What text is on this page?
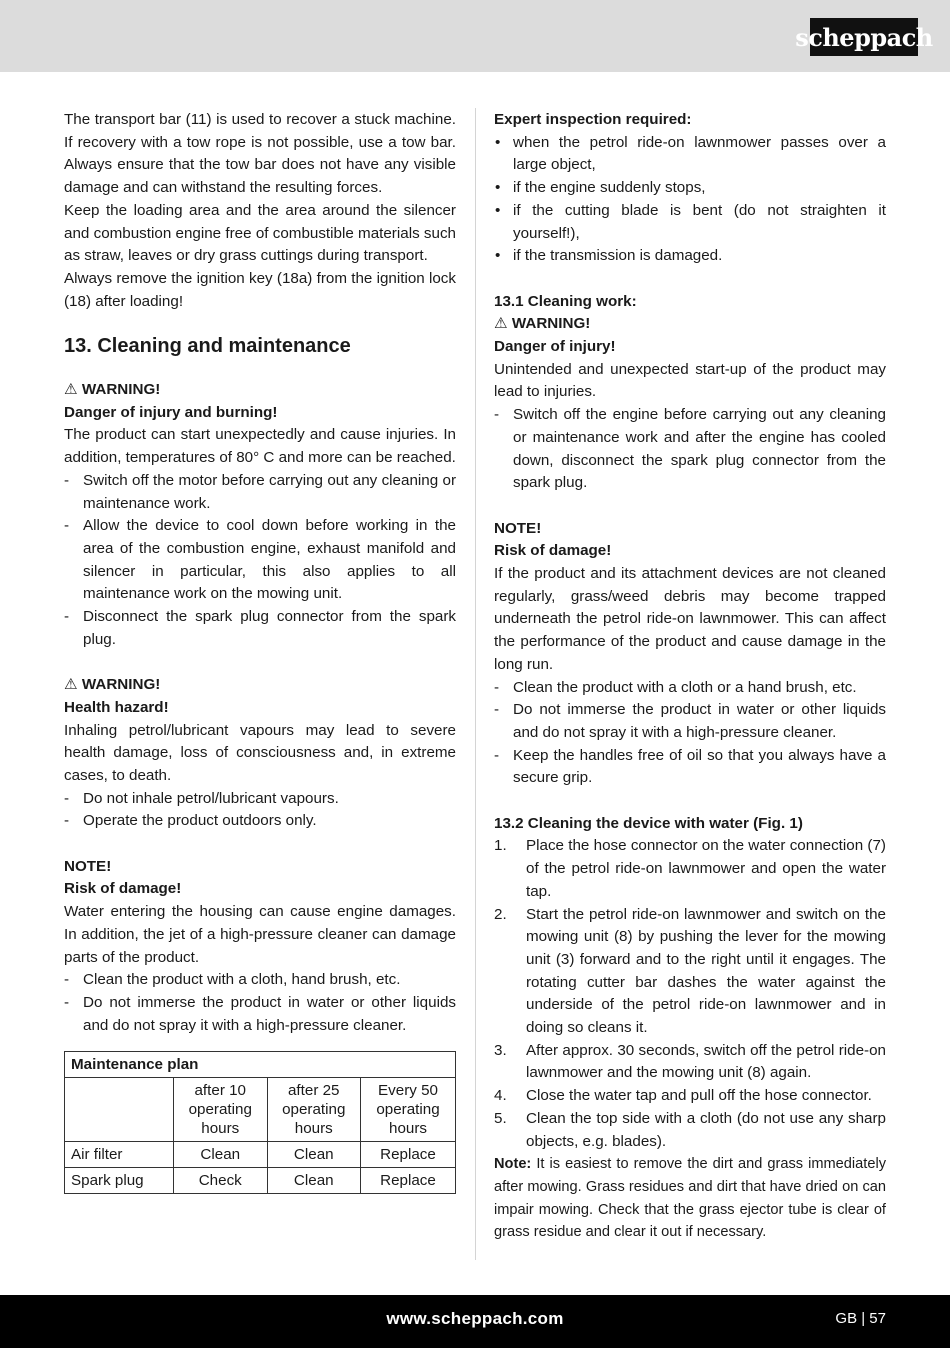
scheppach

The transport bar (11) is used to recover a stuck machine. If recovery with a tow rope is not possible, use a tow bar. Always ensure that the tow bar does not have any visible damage and can withstand the resulting forces.

Keep the loading area and the area around the silencer and combustion engine free of combustible materials such as straw, leaves or dry grass cuttings during transport.

Always remove the ignition key (18a) from the ignition lock (18) after loading!

13. Cleaning and maintenance

⚠ WARNING!

Danger of injury and burning!

The product can start unexpectedly and cause injuries. In addition, temperatures of 80° C and more can be reached.

- Switch off the motor before carrying out any cleaning or maintenance work.
- Allow the device to cool down before working in the area of the combustion engine, exhaust manifold and silencer in particular, this also applies to all maintenance work on the mowing unit.
- Disconnect the spark plug connector from the spark plug.

⚠ WARNING!

Health hazard!

Inhaling petrol/lubricant vapours may lead to severe health damage, loss of consciousness and, in extreme cases, to death.

- Do not inhale petrol/lubricant vapours.
- Operate the product outdoors only.

NOTE!

Risk of damage!

Water entering the housing can cause engine damages. In addition, the jet of a high-pressure cleaner can damage parts of the product.

- Clean the product with a cloth, hand brush, etc.
- Do not immerse the product in water or other liquids and do not spray it with a high-pressure cleaner.
Maintenance plan			
	after 10 operating hours	after 25 operating hours	Every 50 operating hours
Air filter	Clean	Clean	Replace
Spark plug	Check	Clean	Replace

Expert inspection required:

• when the petrol ride-on lawnmower passes over a large object,
• if the engine suddenly stops,
• if the cutting blade is bent (do not straighten it yourself!),
• if the transmission is damaged.

13.1 Cleaning work:

⚠ WARNING!

Danger of injury!

Unintended and unexpected start-up of the product may lead to injuries.

- Switch off the engine before carrying out any cleaning or maintenance work and after the engine has cooled down, disconnect the spark plug connector from the spark plug.

NOTE!

Risk of damage!

If the product and its attachment devices are not cleaned regularly, grass/weed debris may become trapped underneath the petrol ride-on lawnmower. This can affect the performance of the product and cause damage in the long run.

- Clean the product with a cloth or a hand brush, etc.
- Do not immerse the product in water or other liquids and do not spray it with a high-pressure cleaner.
- Keep the handles free of oil so that you always have a secure grip.

13.2 Cleaning the device with water (Fig. 1)

1. Place the hose connector on the water connection (7) of the petrol ride-on lawnmower and open the water tap.
2. Start the petrol ride-on lawnmower and switch on the mowing unit (8) by pushing the lever for the mowing unit (3) forward and to the right until it engages. The rotating cutter bar dashes the water against the underside of the petrol ride-on lawnmower and in doing so cleans it.
3. After approx. 30 seconds, switch off the petrol ride-on lawnmower and the mowing unit (8) again.
4. Close the water tap and pull off the hose connector.
5. Clean the top side with a cloth (do not use any sharp objects, e.g. blades).

Note: It is easiest to remove the dirt and grass immediately after mowing. Grass residues and dirt that have dried on can impair mowing. Check that the grass ejector tube is clear of grass residue and clear it out if necessary.

www.scheppach.com	GB | 57
